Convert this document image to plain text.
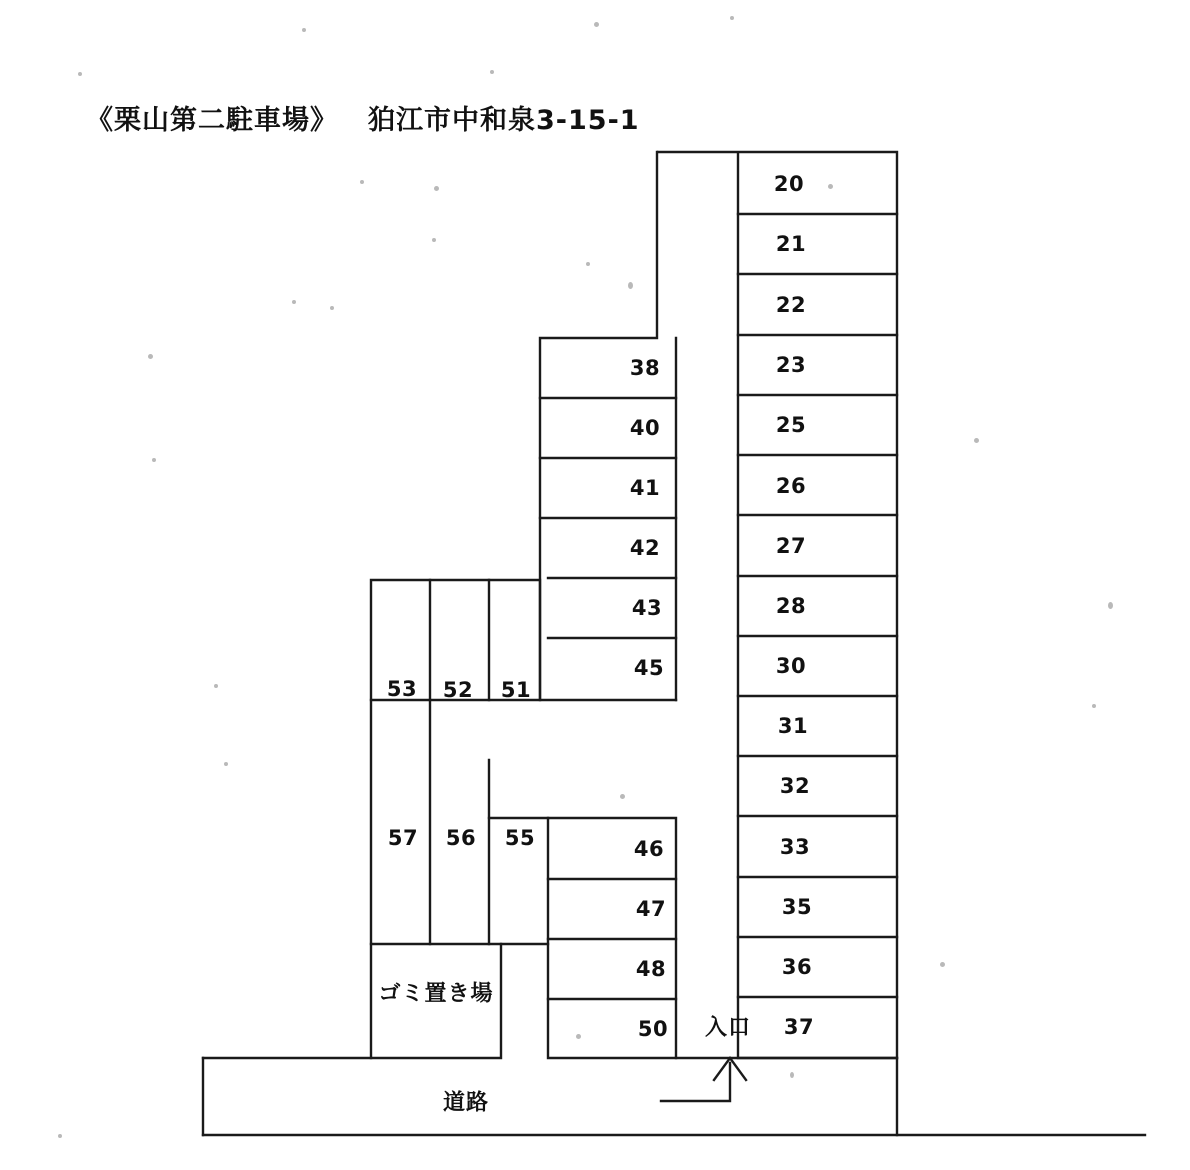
《栗山第二駐車場》 狛江市中和泉3-15-1
20
21
22
23
25
26
27
28
30
31
32
33
35
36
37
38
40
41
42
43
45
46
47
48
50
53 52 51
57 56 55
ゴミ置き場
入口
道路
